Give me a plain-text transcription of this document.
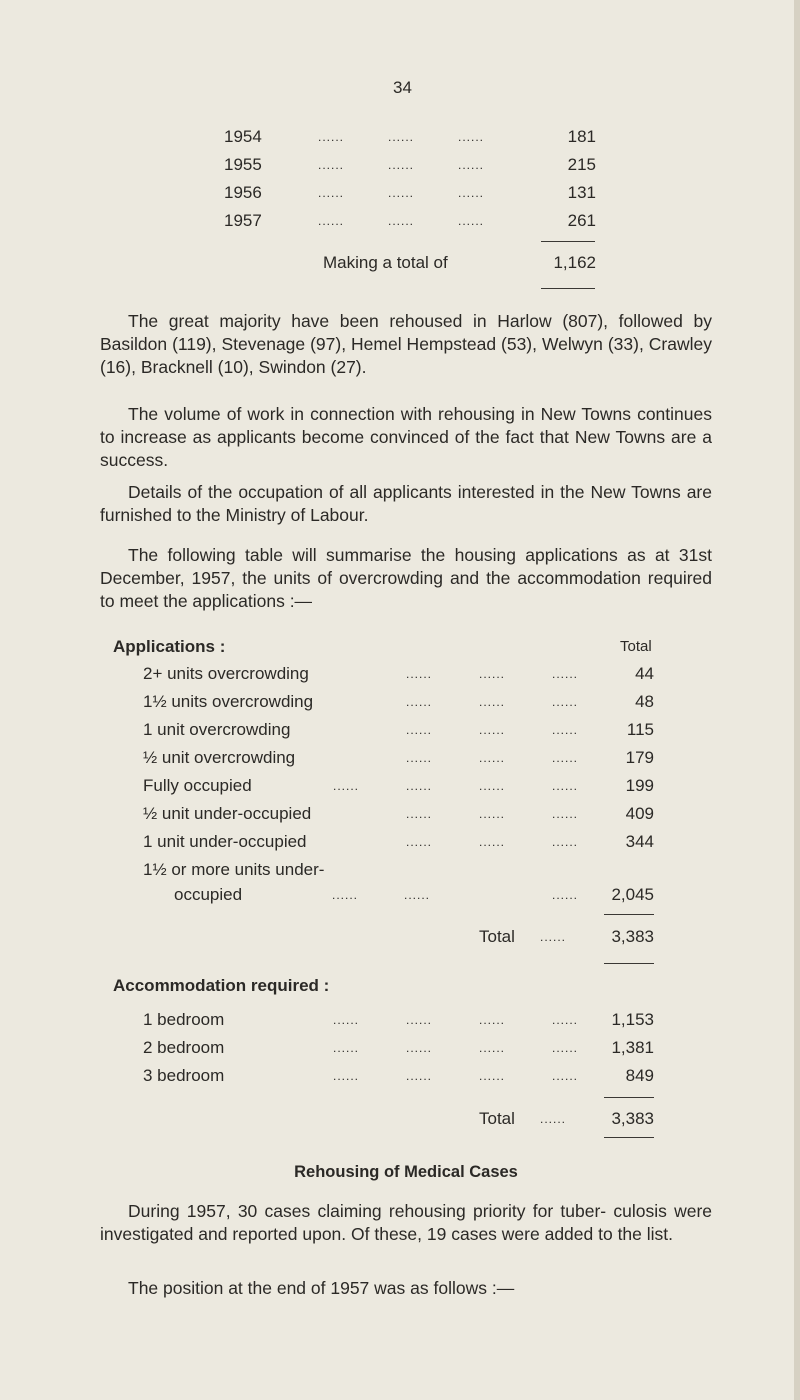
34
1954	......	......	......	181
1955	......	......	......	215
1956	......	......	......	131
1957	......	......	......	261
Making a total of	1,162
The great majority have been rehoused in Harlow (807), followed by Basildon (119), Stevenage (97), Hemel Hempstead (53), Welwyn (33), Crawley (16), Bracknell (10), Swindon (27).
The volume of work in connection with rehousing in New Towns continues to increase as applicants become convinced of the fact that New Towns are a success.
Details of the occupation of all applicants interested in the New Towns are furnished to the Ministry of Labour.
The following table will summarise the housing applications as at 31st December, 1957, the units of overcrowding and the accommodation required to meet the applications :—
Applications :	Total
2+ units overcrowding	......	......	......	44
1½ units overcrowding	......	......	......	48
1 unit overcrowding	......	......	......	115
½ unit overcrowding	......	......	......	179
Fully occupied	......	......	......	......	199
½ unit under-occupied	......	......	......	409
1 unit under-occupied	......	......	......	344
1½ or more units under-
occupied	......	......	......	2,045
Total ......	3,383
Accommodation required :
1 bedroom	......	......	......	......	1,153
2 bedroom	......	......	......	......	1,381
3 bedroom	......	......	......	......	849
Total ......	3,383
Rehousing of Medical Cases
During 1957, 30 cases claiming rehousing priority for tuber- culosis were investigated and reported upon. Of these, 19 cases were added to the list.
The position at the end of 1957 was as follows :—
